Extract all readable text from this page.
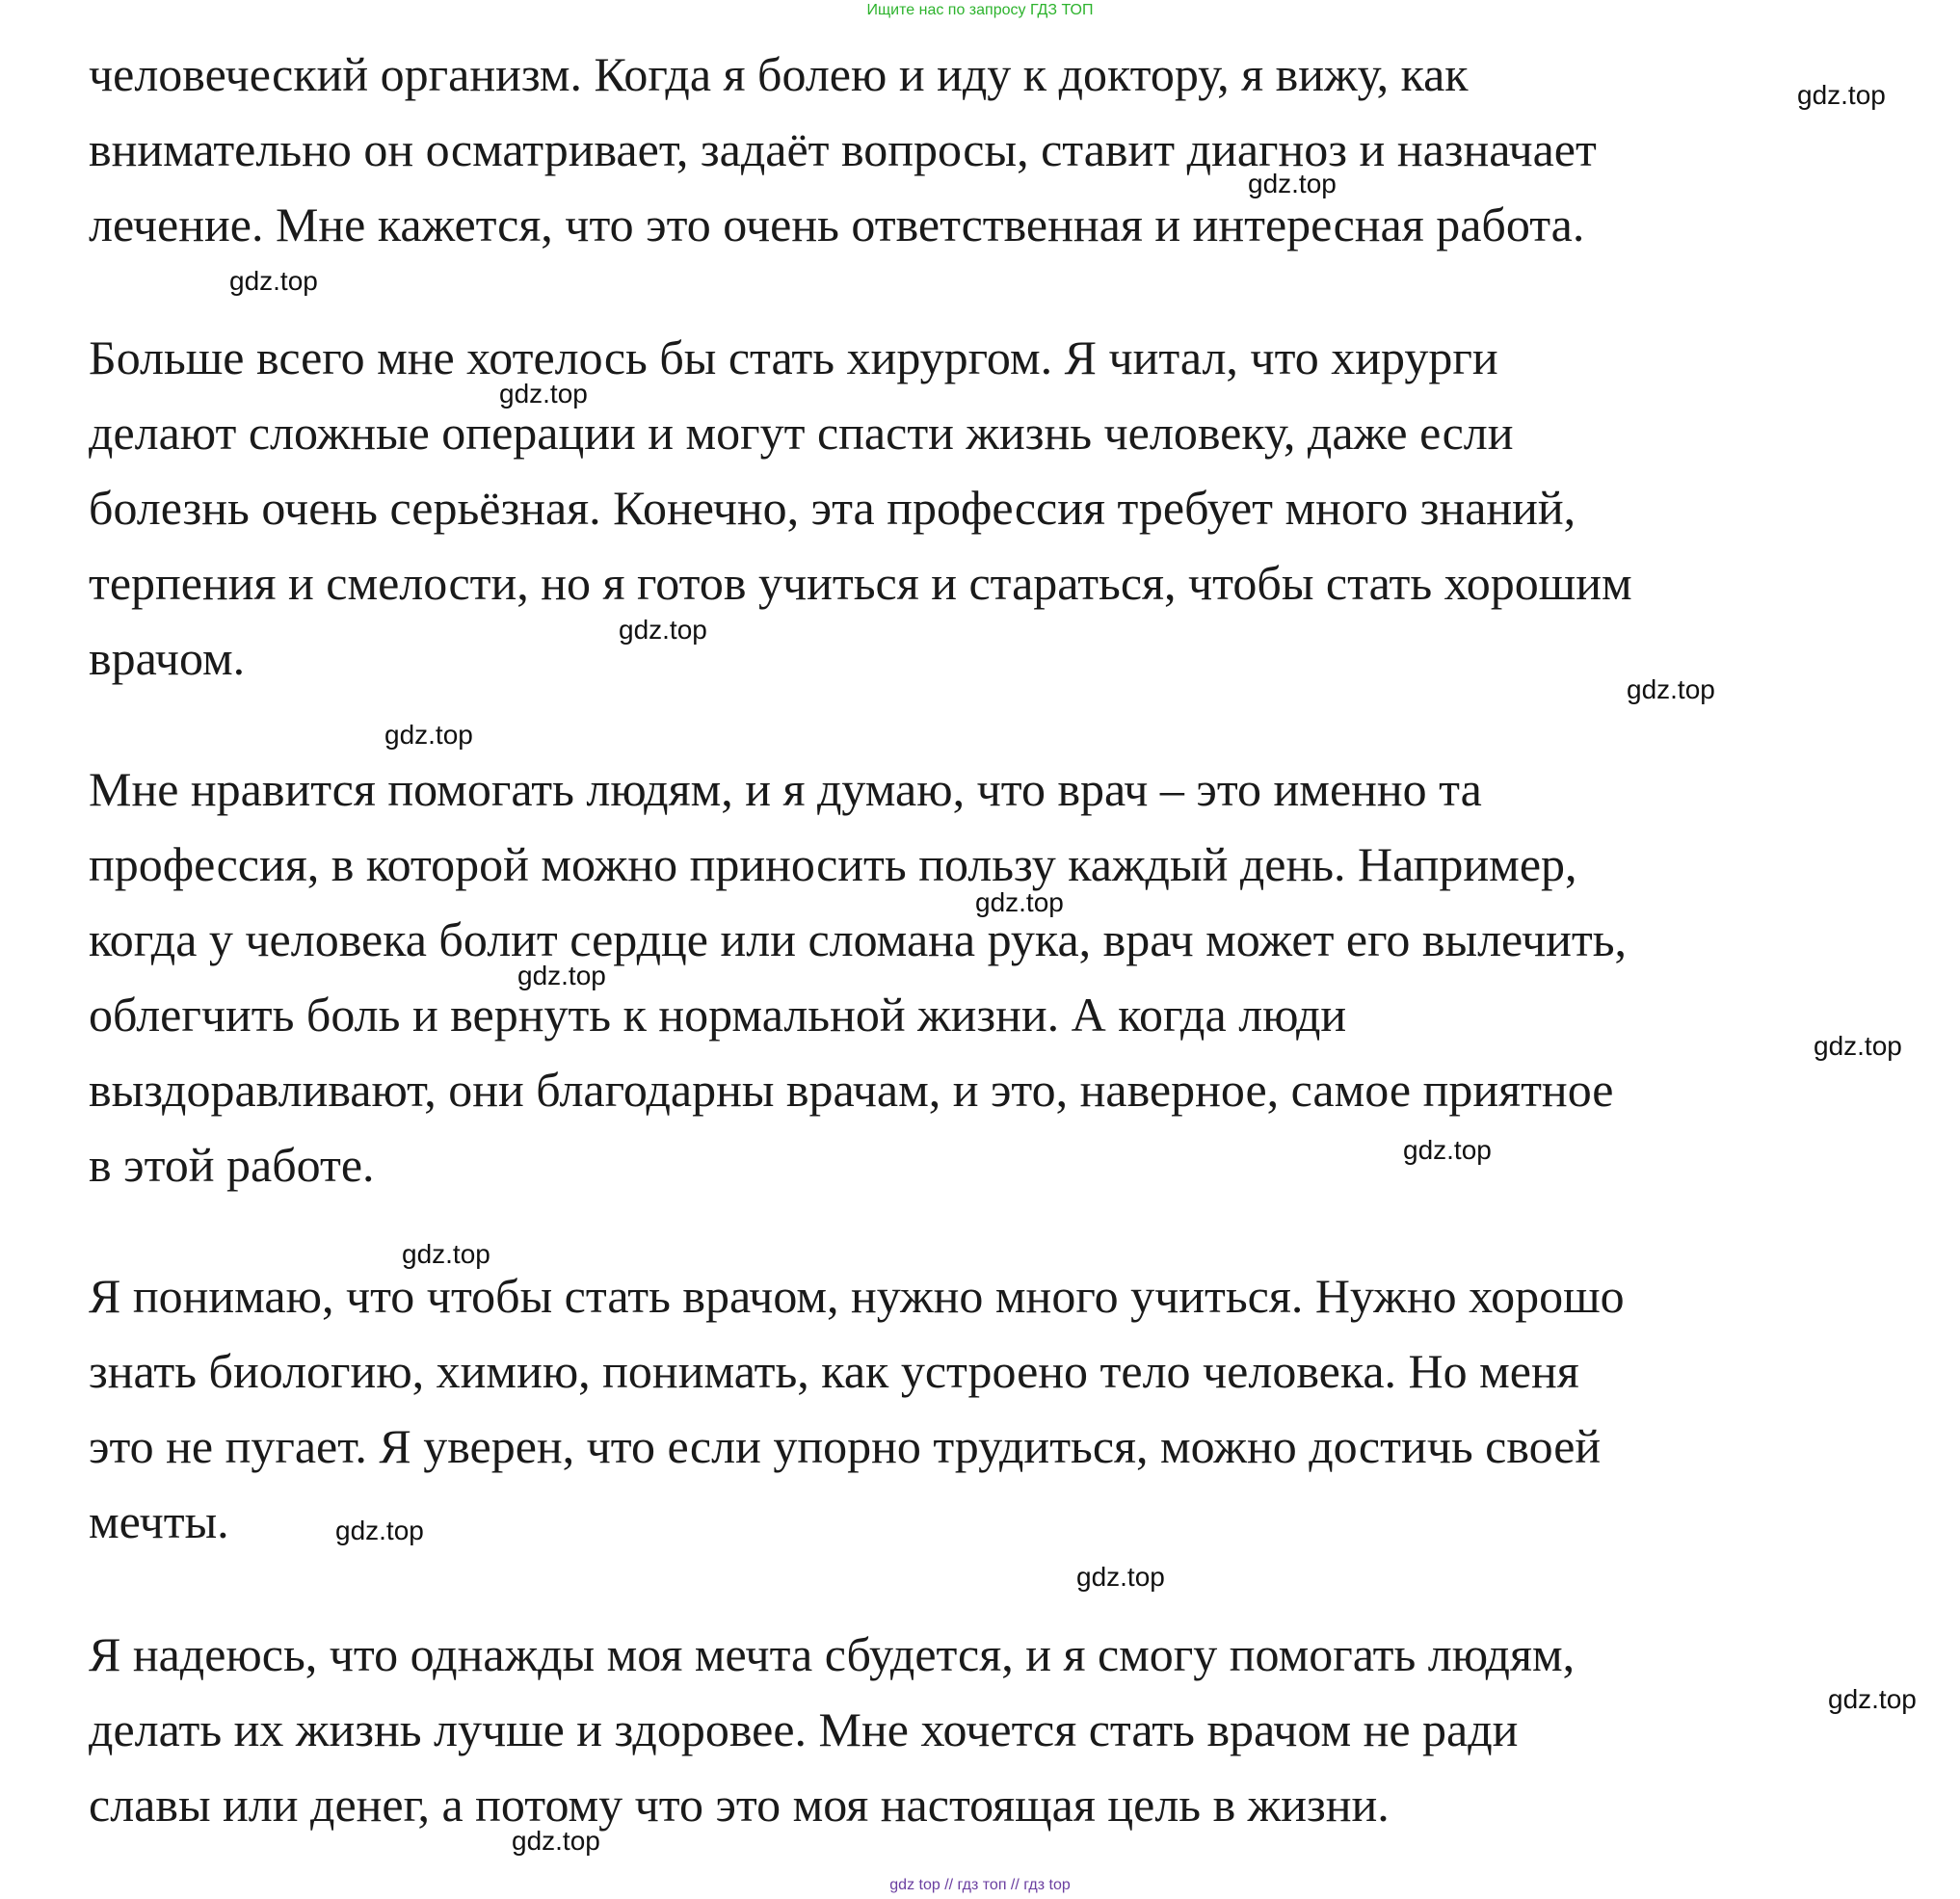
Ищите нас по запросу ГДЗ ТОП
человеческий организм. Когда я болею и иду к доктору, я вижу, как
внимательно он осматривает, задаёт вопросы, ставит диагноз и назначает
лечение. Мне кажется, что это очень ответственная и интересная работа.
Больше всего мне хотелось бы стать хирургом. Я читал, что хирурги
делают сложные операции и могут спасти жизнь человеку, даже если
болезнь очень серьёзная. Конечно, эта профессия требует много знаний,
терпения и смелости, но я готов учиться и стараться, чтобы стать хорошим
врачом.
Мне нравится помогать людям, и я думаю, что врач – это именно та
профессия, в которой можно приносить пользу каждый день. Например,
когда у человека болит сердце или сломана рука, врач может его вылечить,
облегчить боль и вернуть к нормальной жизни. А когда люди
выздоравливают, они благодарны врачам, и это, наверное, самое приятное
в этой работе.
Я понимаю, что чтобы стать врачом, нужно много учиться. Нужно хорошо
знать биологию, химию, понимать, как устроено тело человека. Но меня
это не пугает. Я уверен, что если упорно трудиться, можно достичь своей
мечты.
Я надеюсь, что однажды моя мечта сбудется, и я смогу помогать людям,
делать их жизнь лучше и здоровее. Мне хочется стать врачом не ради
славы или денег, а потому что это моя настоящая цель в жизни.
gdz.top
gdz.top
gdz.top
gdz.top
gdz.top
gdz.top
gdz.top
gdz.top
gdz.top
gdz.top
gdz.top
gdz.top
gdz.top
gdz.top
gdz.top
gdz.top
gdz top // гдз топ // гдз top
